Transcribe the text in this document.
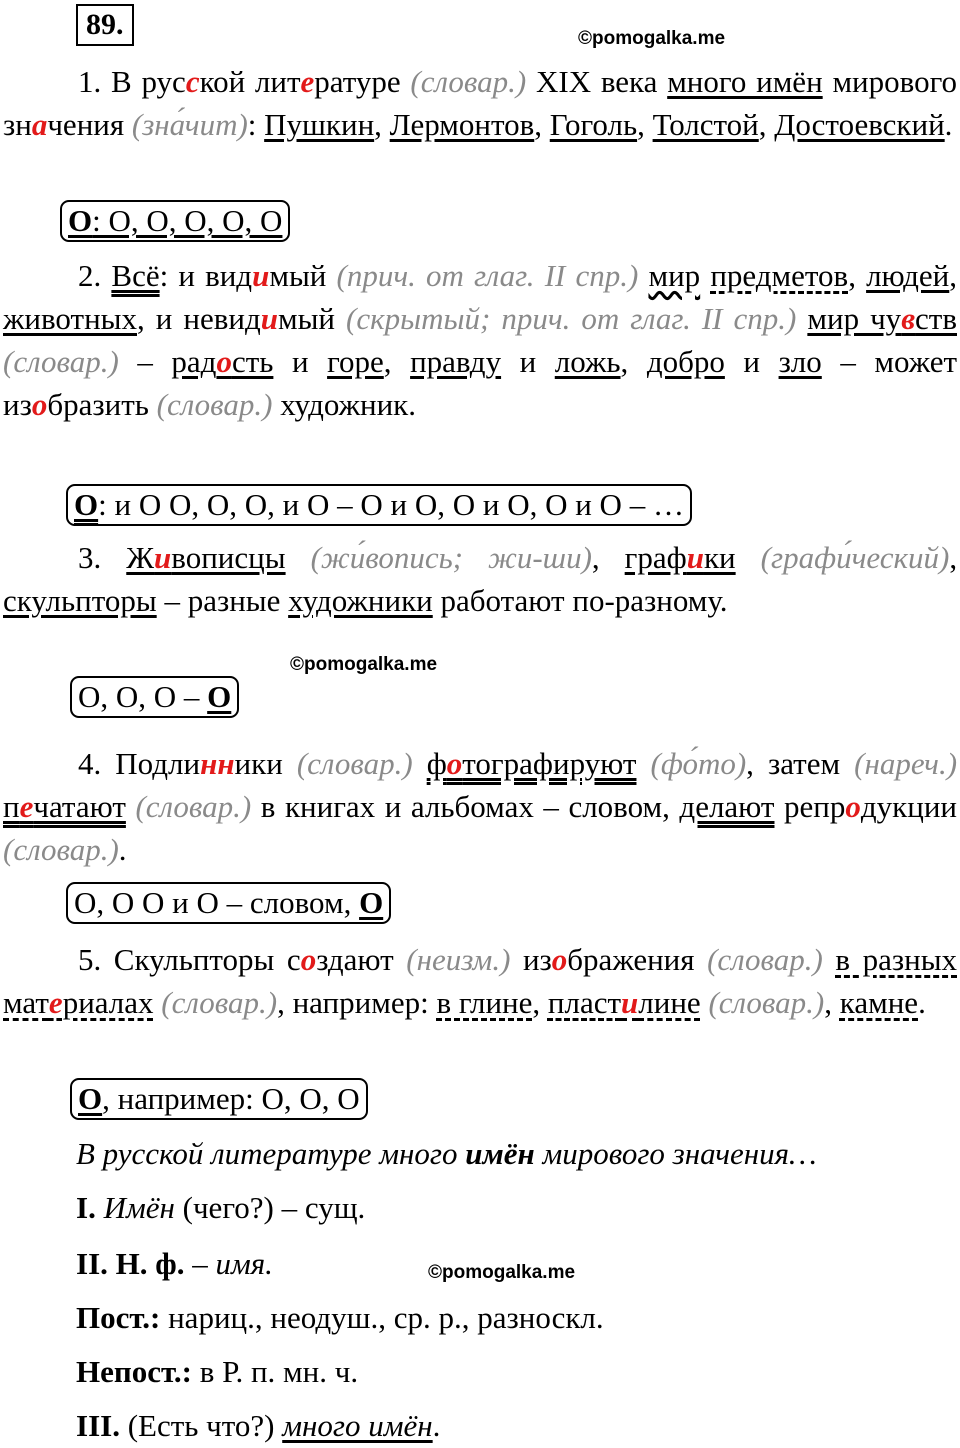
89.	©pomogalka.me

1. В русской литературе (словар.) XIX века много имён мирового значения (зна́чит): Пушкин, Лермонтов, Гоголь, Толстой, Достоевский.

О: О, О, О, О, О

2. Всё: и видимый (прич. от глаг. II спр.) мир предметов, людей, животных, и невидимый (скрытый; прич. от глаг. II спр.) мир чувств (словар.) – радость и горе, правду и ложь, добро и зло – может изобразить (словар.) художник.

О: и О О, О, О, и О – О и О, О и О, О и О – …

3. Живописцы (жи́вопись; жи-ши), графики (графи́ческий), скульпторы – разные художники работают по-разному.

©pomogalka.me
О, О, О – О

4. Подлинники (словар.) фотографируют (фо́то), затем (нареч.) печатают (словар.) в книгах и альбомах – словом, делают репродукции (словар.).

О, О О и О – словом, О

5. Скульпторы создают (неизм.) изображения (словар.) в разных материалах (словар.), например: в глине, пластилине (словар.), камне.

О, например: О, О, О
В русской литературе много имён мирового значения…
I. Имён (чего?) – сущ.
II. Н. ф. – имя.	©pomogalka.me
Пост.: нариц., неодуш., ср. р., разноскл.
Непост.: в Р. п. мн. ч.
III. (Есть что?) много имён.
